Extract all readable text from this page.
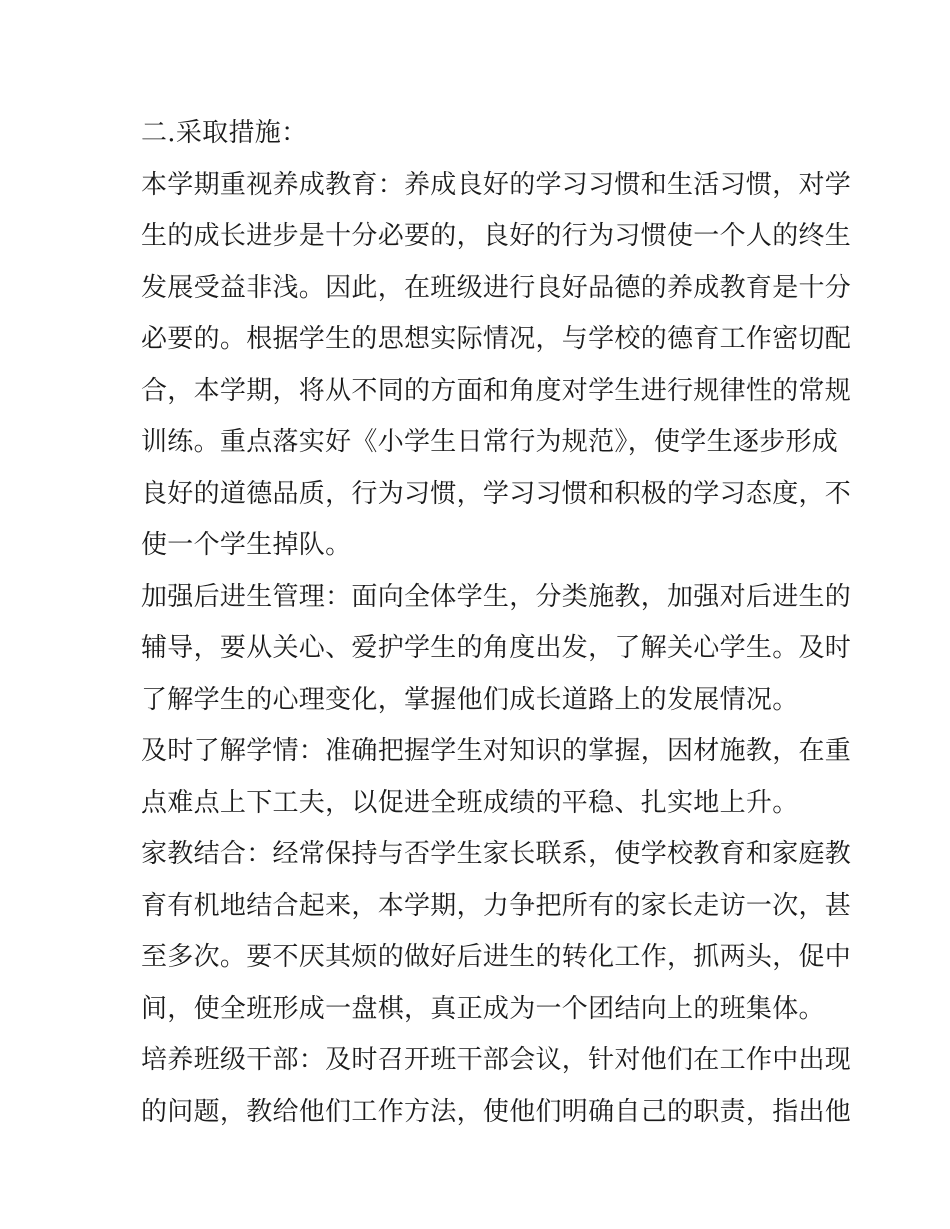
二.采取措施：
本学期重视养成教育：养成良好的学习习惯和生活习惯，对学
生的成长进步是十分必要的，良好的行为习惯使一个人的终生
发展受益非浅。因此，在班级进行良好品德的养成教育是十分
必要的。根据学生的思想实际情况，与学校的德育工作密切配
合，本学期，将从不同的方面和角度对学生进行规律性的常规
训练。重点落实好《小学生日常行为规范》，使学生逐步形成
良好的道德品质，行为习惯，学习习惯和积极的学习态度，不
使一个学生掉队。
加强后进生管理：面向全体学生，分类施教，加强对后进生的
辅导，要从关心、爱护学生的角度出发，了解关心学生。及时
了解学生的心理变化，掌握他们成长道路上的发展情况。
及时了解学情：准确把握学生对知识的掌握，因材施教，在重
点难点上下工夫，以促进全班成绩的平稳、扎实地上升。
家教结合：经常保持与否学生家长联系，使学校教育和家庭教
育有机地结合起来，本学期，力争把所有的家长走访一次，甚
至多次。要不厌其烦的做好后进生的转化工作，抓两头，促中
间，使全班形成一盘棋，真正成为一个团结向上的班集体。
培养班级干部：及时召开班干部会议，针对他们在工作中出现
的问题，教给他们工作方法，使他们明确自己的职责，指出他
